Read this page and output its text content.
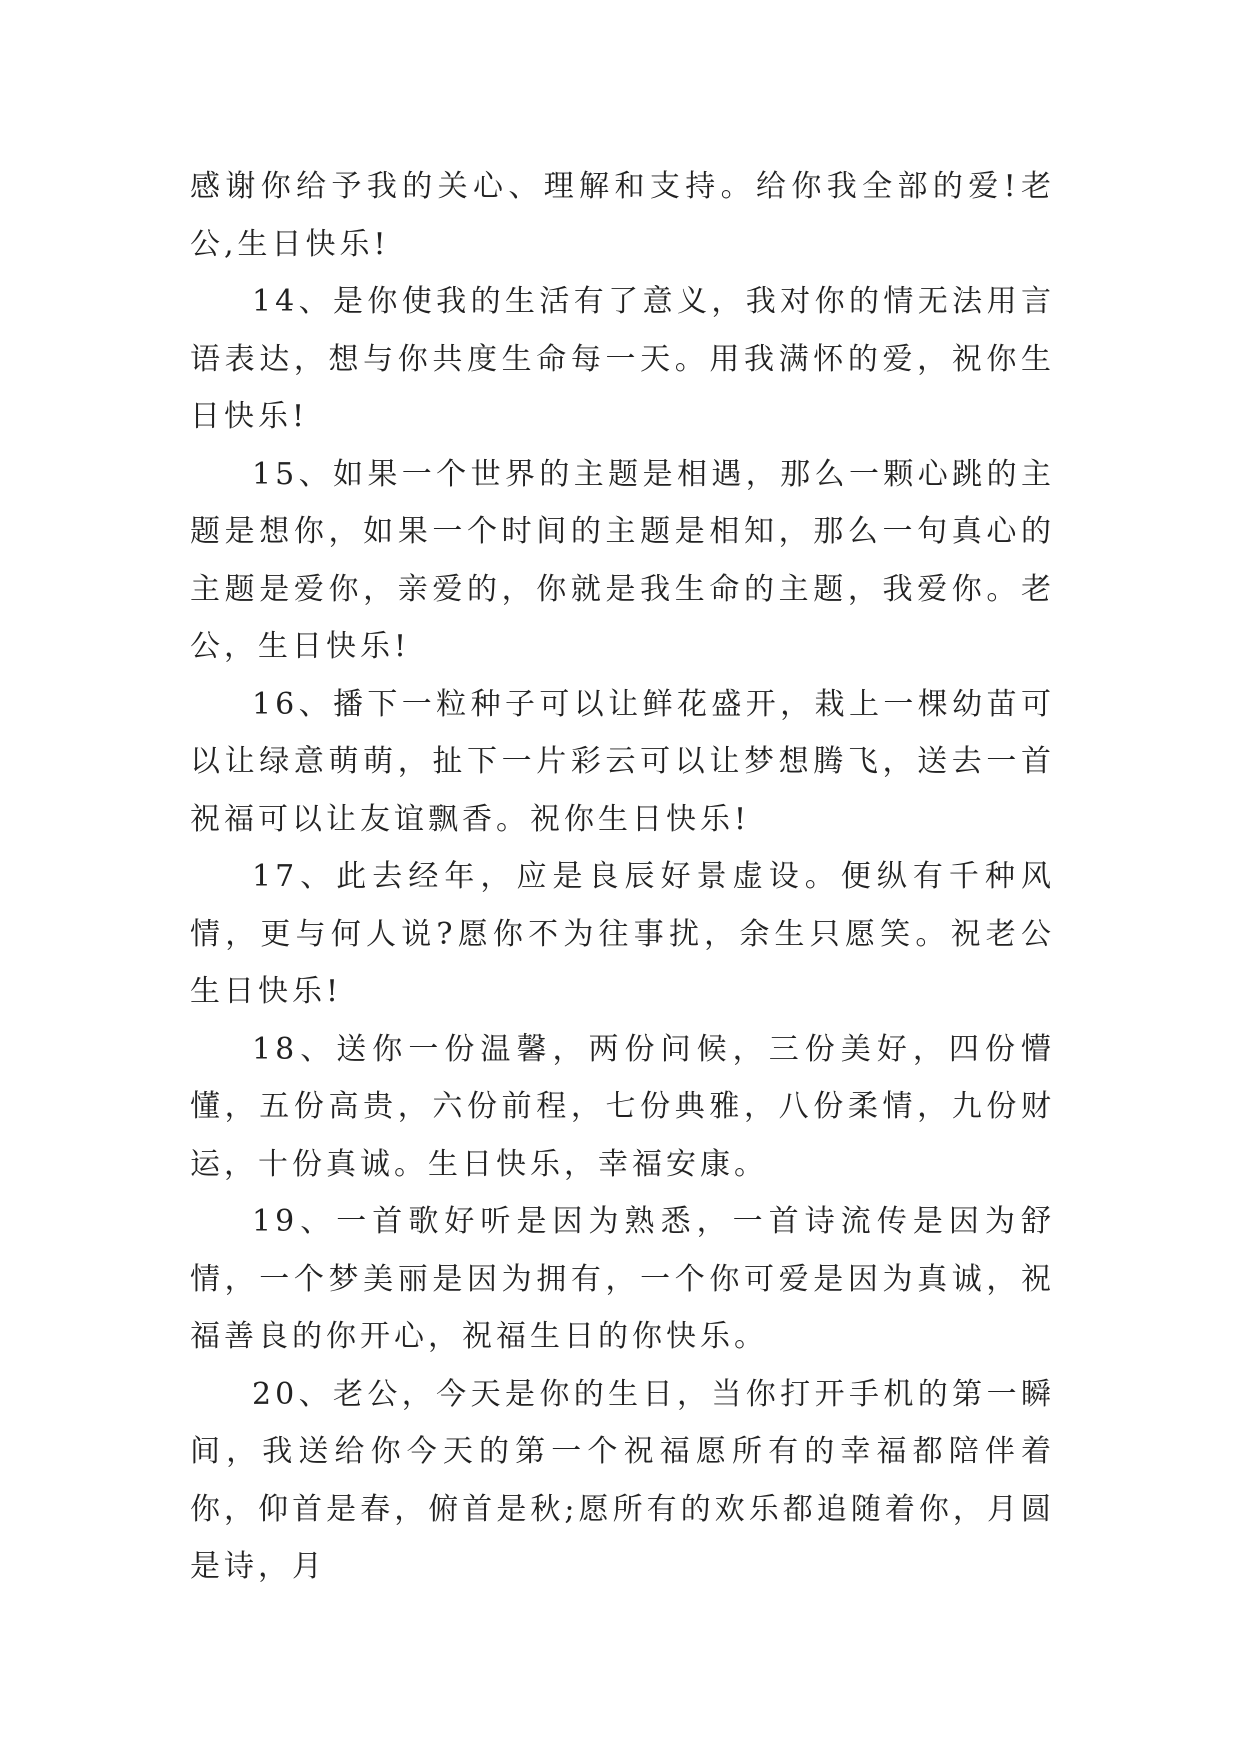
感谢你给予我的关心、理解和支持。给你我全部的爱!老公,生日快乐!

14、是你使我的生活有了意义，我对你的情无法用言语表达，想与你共度生命每一天。用我满怀的爱，祝你生日快乐!

15、如果一个世界的主题是相遇，那么一颗心跳的主题是想你，如果一个时间的主题是相知，那么一句真心的主题是爱你，亲爱的，你就是我生命的主题，我爱你。老公，生日快乐!

16、播下一粒种子可以让鲜花盛开，栽上一棵幼苗可以让绿意萌萌，扯下一片彩云可以让梦想腾飞，送去一首祝福可以让友谊飘香。祝你生日快乐!

17、此去经年，应是良辰好景虚设。便纵有千种风情，更与何人说?愿你不为往事扰，余生只愿笑。祝老公生日快乐!

18、送你一份温馨，两份问候，三份美好，四份懵懂，五份高贵，六份前程，七份典雅，八份柔情，九份财运，十份真诚。生日快乐，幸福安康。

19、一首歌好听是因为熟悉，一首诗流传是因为舒情，一个梦美丽是因为拥有，一个你可爱是因为真诚，祝福善良的你开心，祝福生日的你快乐。

20、老公，今天是你的生日，当你打开手机的第一瞬间，我送给你今天的第一个祝福愿所有的幸福都陪伴着你，仰首是春，俯首是秋;愿所有的欢乐都追随着你，月圆是诗，月
